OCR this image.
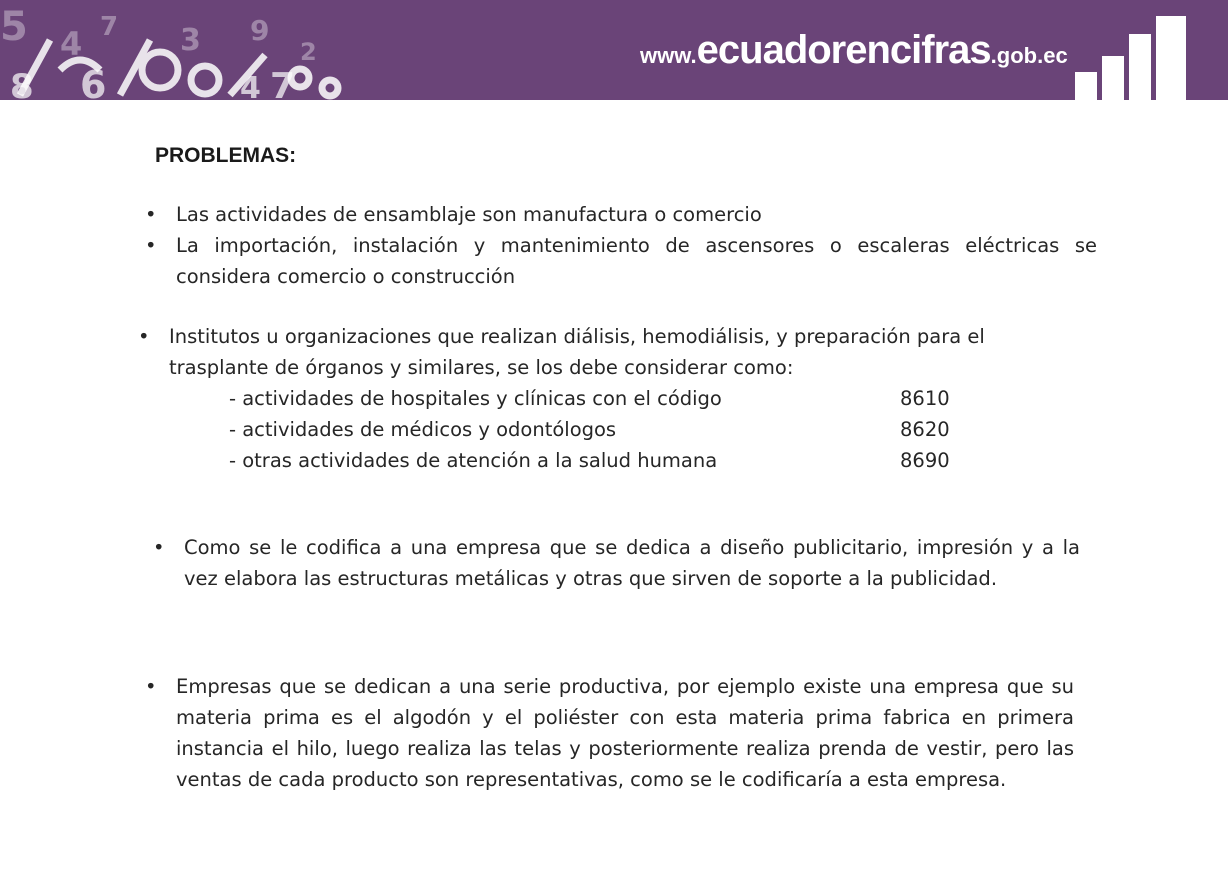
5 4 7 3 9
2
8 6	4 7
www.ecuadorencifras.gob.ec
PROBLEMAS:
• Las actividades de ensamblaje son manufactura o comercio
• La importación, instalación y mantenimiento de ascensores o escaleras eléctricas se considera comercio o construcción
• Institutos u organizaciones que realizan diálisis, hemodiálisis, y preparación para el trasplante de órganos y similares, se los debe considerar como:
- actividades de hospitales y clínicas con el código	8610
- actividades de médicos y odontólogos	8620
- otras actividades de atención a la salud humana	8690
• Como se le codifica a una empresa que se dedica a diseño publicitario, impresión y a la vez elabora las estructuras metálicas y otras que sirven de soporte a la publicidad.
• Empresas que se dedican a una serie productiva, por ejemplo existe una empresa que su materia prima es el algodón y el poliéster con esta materia prima fabrica en primera instancia el hilo, luego realiza las telas y posteriormente realiza prenda de vestir, pero las ventas de cada producto son representativas, como se le codificaría a esta empresa.
